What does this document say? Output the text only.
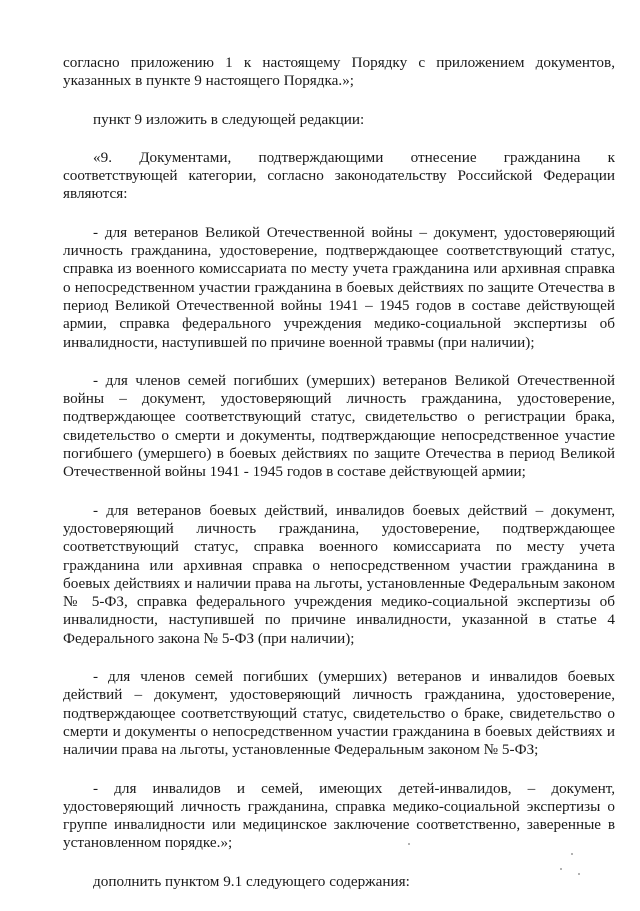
согласно приложению 1 к настоящему Порядку с приложением документов, указанных в пункте 9 настоящего Порядка.»;

пункт 9 изложить в следующей редакции:

«9. Документами, подтверждающими отнесение гражданина к соответствующей категории, согласно законодательству Российской Федерации являются:

- для ветеранов Великой Отечественной войны – документ, удостоверяющий личность гражданина, удостоверение, подтверждающее соответствующий статус, справка из военного комиссариата по месту учета гражданина или архивная справка о непосредственном участии гражданина в боевых действиях по защите Отечества в период Великой Отечественной войны 1941 – 1945 годов в составе действующей армии, справка федерального учреждения медико-социальной экспертизы об инвалидности, наступившей по причине военной травмы (при наличии);

- для членов семей погибших (умерших) ветеранов Великой Отечественной войны – документ, удостоверяющий личность гражданина, удостоверение, подтверждающее соответствующий статус, свидетельство о регистрации брака, свидетельство о смерти и документы, подтверждающие непосредственное участие погибшего (умершего) в боевых действиях по защите Отечества в период Великой Отечественной войны 1941 - 1945 годов в составе действующей армии;

- для ветеранов боевых действий, инвалидов боевых действий – документ, удостоверяющий личность гражданина, удостоверение, подтверждающее соответствующий статус, справка военного комиссариата по месту учета гражданина или архивная справка о непосредственном участии гражданина в боевых действиях и наличии права на льготы, установленные Федеральным законом № 5-ФЗ, справка федерального учреждения медико-социальной экспертизы об инвалидности, наступившей по причине инвалидности, указанной в статье 4 Федерального закона № 5-ФЗ (при наличии);

- для членов семей погибших (умерших) ветеранов и инвалидов боевых действий – документ, удостоверяющий личность гражданина, удостоверение, подтверждающее соответствующий статус, свидетельство о браке, свидетельство о смерти и документы о непосредственном участии гражданина в боевых действиях и наличии права на льготы, установленные Федеральным законом № 5-ФЗ;

- для инвалидов и семей, имеющих детей-инвалидов, – документ, удостоверяющий личность гражданина, справка медико-социальной экспертизы о группе инвалидности или медицинское заключение соответственно, заверенные в установленном порядке.»;

дополнить пунктом 9.1 следующего содержания:
